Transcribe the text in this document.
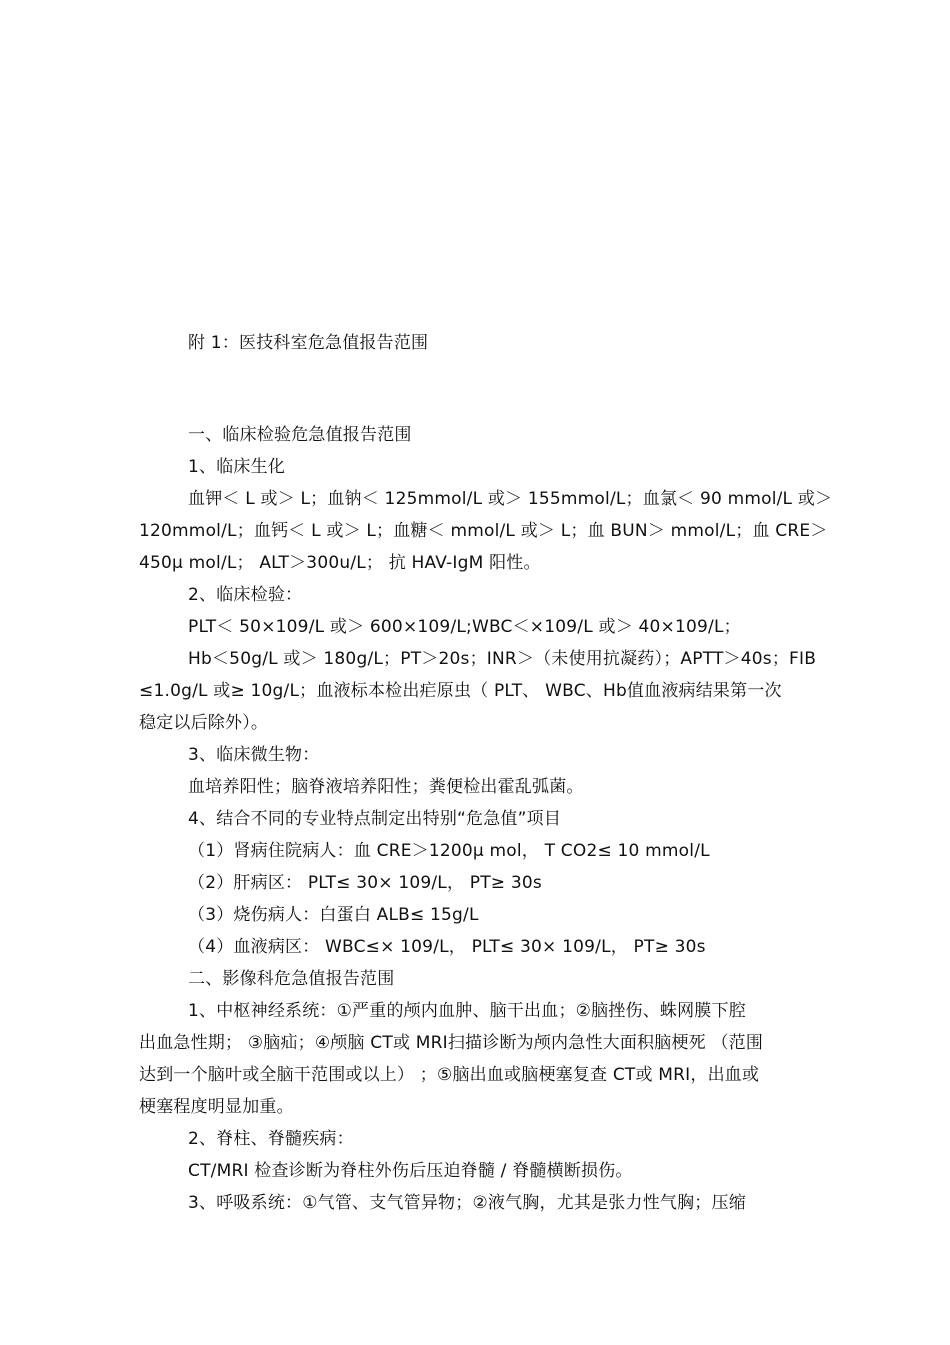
附 1：医技科室危急值报告范围
一、临床检验危急值报告范围
1、临床生化
血钾＜ L 或＞ L；血钠＜ 125mmol/L 或＞ 155mmol/L；血氯＜ 90 mmol/L 或＞
120mmol/L；血钙＜ L 或＞ L；血糖＜ mmol/L 或＞ L；血 BUN＞ mmol/L；血 CRE＞
450μ mol/L； ALT＞300u/L； 抗 HAV-IgM 阳性。
2、临床检验：
PLT＜ 50×109/L 或＞ 600×109/L;WBC＜×109/L 或＞ 40×109/L；
Hb＜50g/L 或＞ 180g/L；PT＞20s；INR＞（未使用抗凝药）；APTT＞40s；FIB
≤1.0g/L 或≥ 10g/L；血液标本检出疟原虫（ PLT、 WBC、Hb值血液病结果第一次
稳定以后除外）。
3、临床微生物：
血培养阳性；脑脊液培养阳性；粪便检出霍乱弧菌。
4、结合不同的专业特点制定出特别“危急值”项目
（1）肾病住院病人：血 CRE＞1200μ mol， T CO2≤ 10 mmol/L
（2）肝病区： PLT≤ 30× 109/L， PT≥ 30s
（3）烧伤病人：白蛋白 ALB≤ 15g/L
（4）血液病区： WBC≤× 109/L， PLT≤ 30× 109/L， PT≥ 30s
二、影像科危急值报告范围
1、中枢神经系统：①严重的颅内血肿、脑干出血；②脑挫伤、蛛网膜下腔
出血急性期； ③脑疝；④颅脑 CT或 MRI扫描诊断为颅内急性大面积脑梗死 （范围
达到一个脑叶或全脑干范围或以上） ；⑤脑出血或脑梗塞复查 CT或 MRI，出血或
梗塞程度明显加重。
2、脊柱、脊髓疾病：
CT/MRI 检查诊断为脊柱外伤后压迫脊髓 / 脊髓横断损伤。
3、呼吸系统：①气管、支气管异物；②液气胸，尤其是张力性气胸；压缩
